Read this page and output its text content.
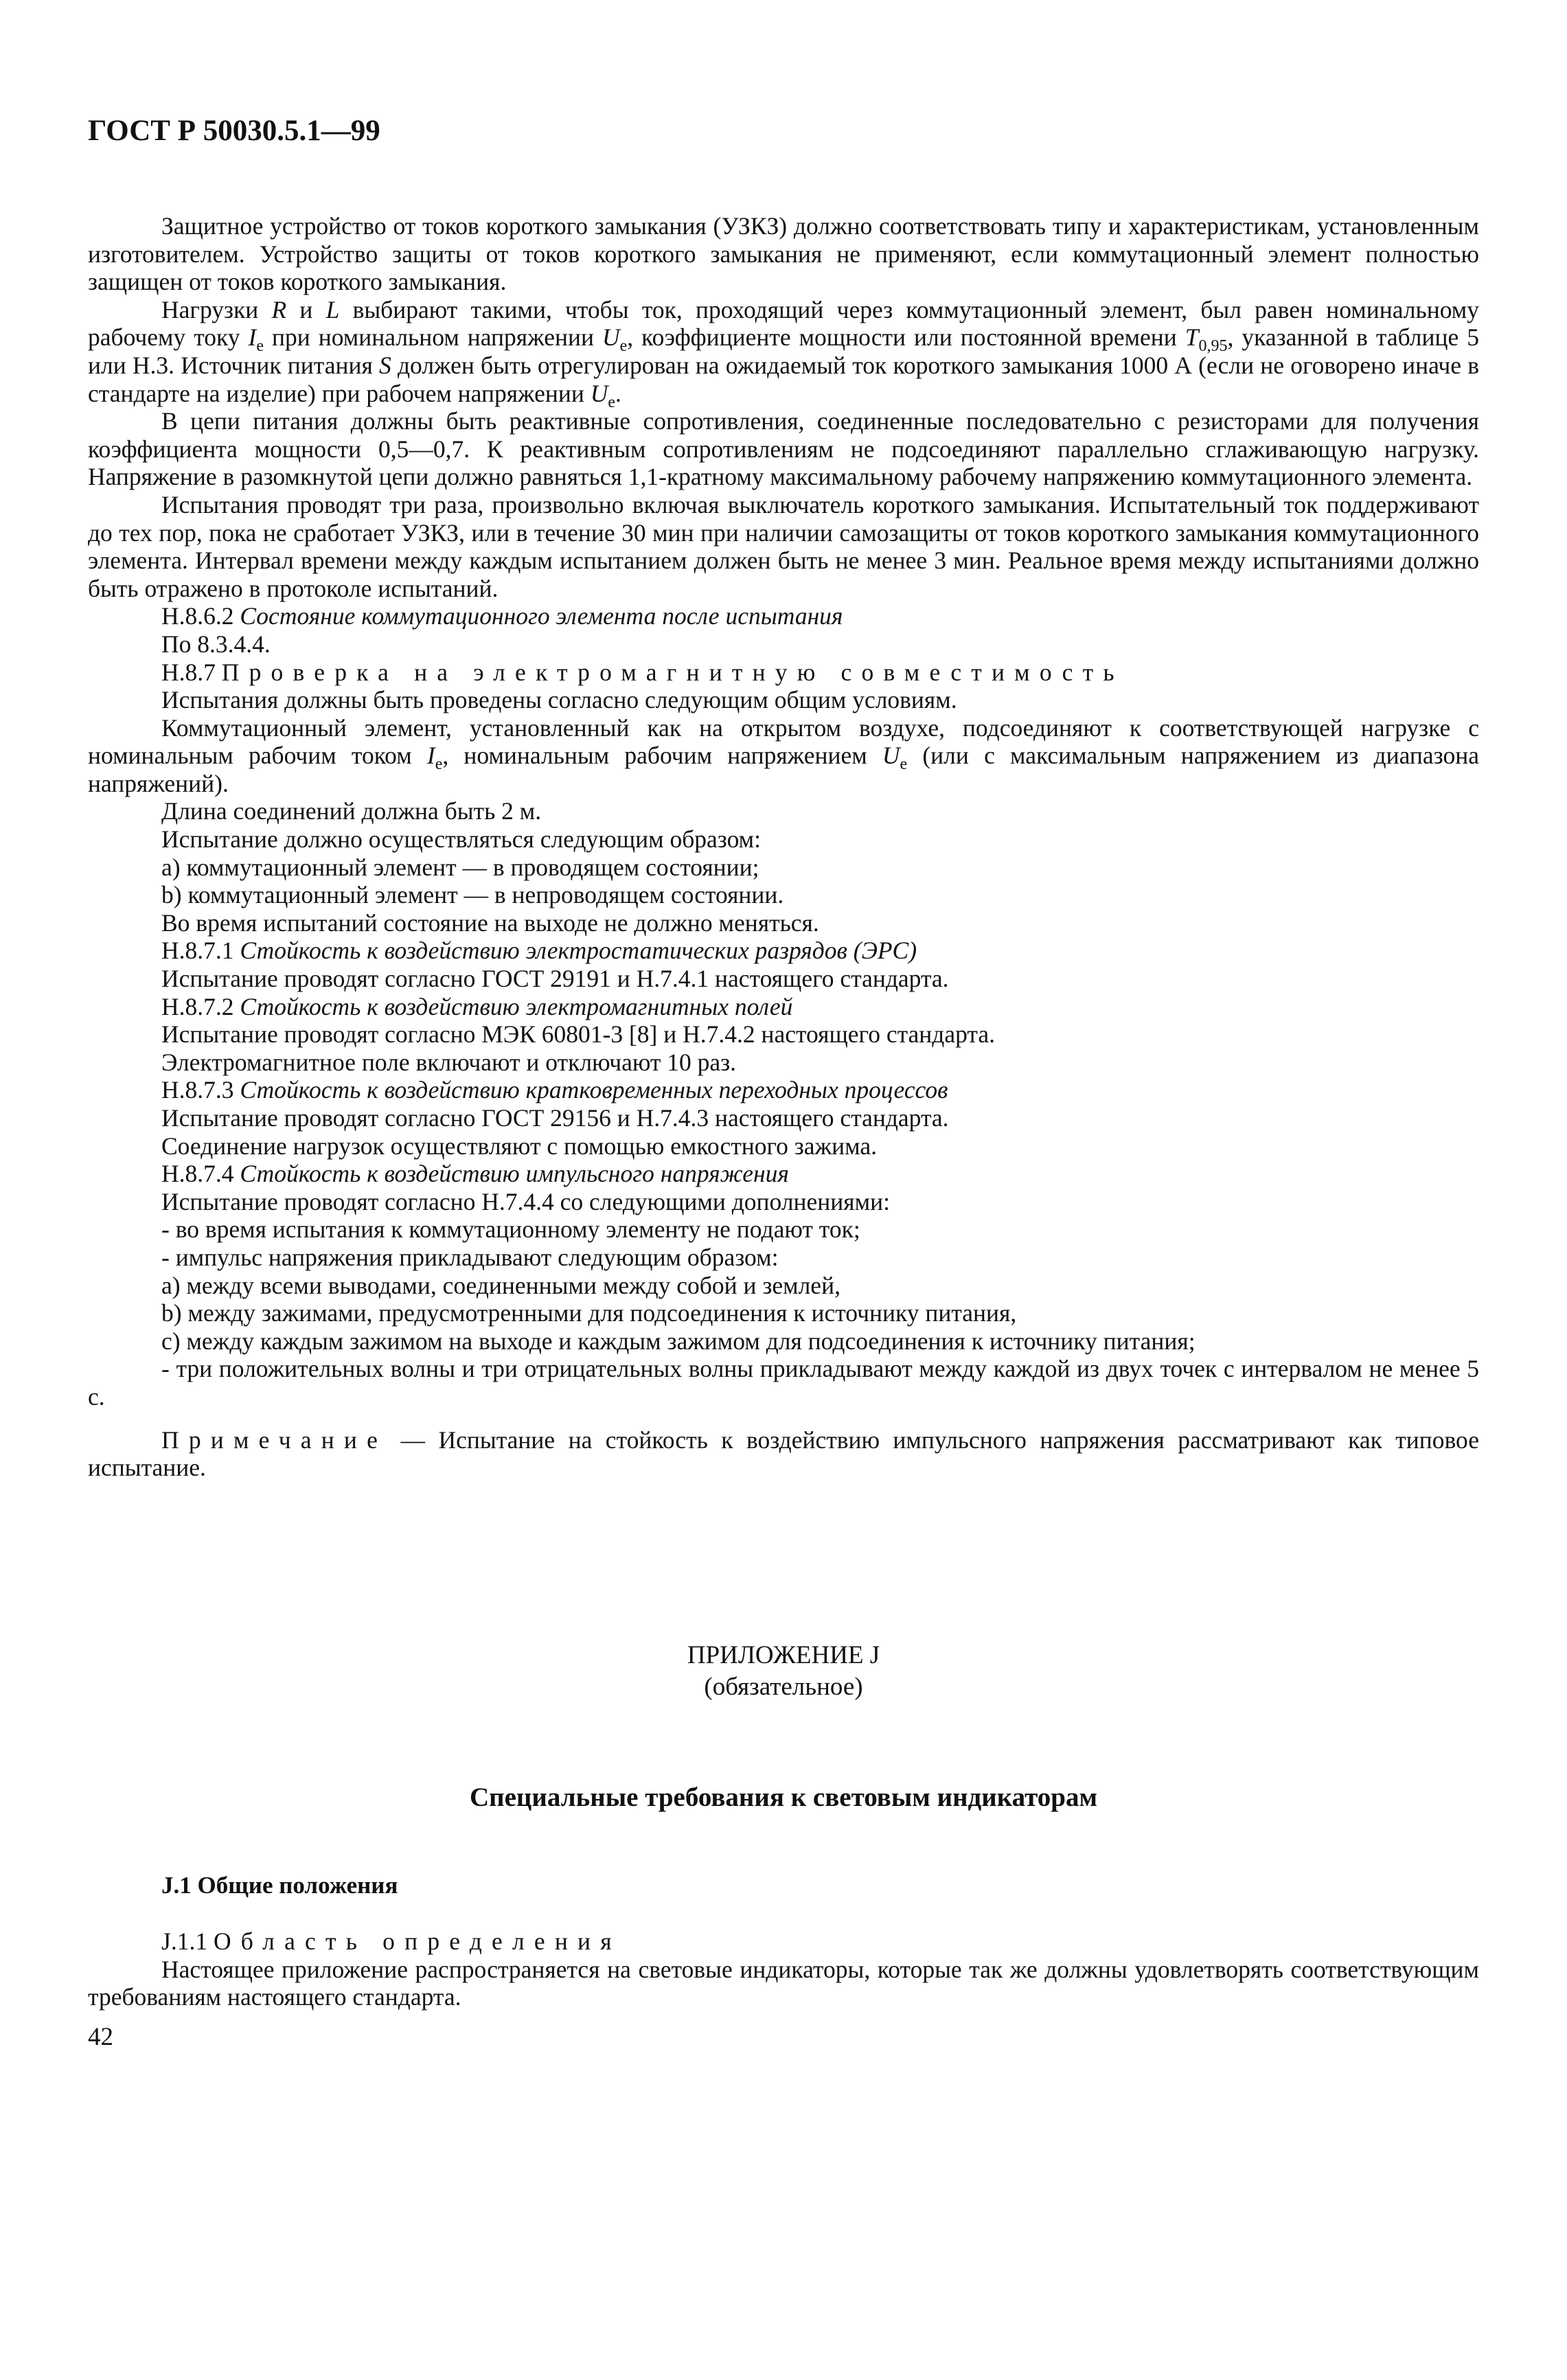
ГОСТ Р 50030.5.1—99

Защитное устройство от токов короткого замыкания (УЗКЗ) должно соответствовать типу и характеристикам, установленным изготовителем. Устройство защиты от токов короткого замыкания не применяют, если коммутационный элемент полностью защищен от токов короткого замыкания.

Нагрузки R и L выбирают такими, чтобы ток, проходящий через коммутационный элемент, был равен номинальному рабочему току $I_e$ при номинальном напряжении $U_e$, коэффициенте мощности или постоянной времени $T_{0,95}$, указанной в таблице 5 или Н.3. Источник питания S должен быть отрегулирован на ожидаемый ток короткого замыкания 1000 А (если не оговорено иначе в стандарте на изделие) при рабочем напряжении $U_e$.

В цепи питания должны быть реактивные сопротивления, соединенные последовательно с резисторами для получения коэффициента мощности 0,5—0,7. К реактивным сопротивлениям не подсоединяют параллельно сглаживающую нагрузку. Напряжение в разомкнутой цепи должно равняться 1,1-кратному максимальному рабочему напряжению коммутационного элемента.

Испытания проводят три раза, произвольно включая выключатель короткого замыкания. Испытательный ток поддерживают до тех пор, пока не сработает УЗКЗ, или в течение 30 мин при наличии самозащиты от токов короткого замыкания коммутационного элемента. Интервал времени между каждым испытанием должен быть не менее 3 мин. Реальное время между испытаниями должно быть отражено в протоколе испытаний.

Н.8.6.2 Состояние коммутационного элемента после испытания

По 8.3.4.4.

Н.8.7 Проверка на электромагнитную совместимость

Испытания должны быть проведены согласно следующим общим условиям.

Коммутационный элемент, установленный как на открытом воздухе, подсоединяют к соответствующей нагрузке с номинальным рабочим током $I_e$, номинальным рабочим напряжением $U_e$ (или с максимальным напряжением из диапазона напряжений).

Длина соединений должна быть 2 м.

Испытание должно осуществляться следующим образом:

a) коммутационный элемент — в проводящем состоянии;

b) коммутационный элемент — в непроводящем состоянии.

Во время испытаний состояние на выходе не должно меняться.

Н.8.7.1 Стойкость к воздействию электростатических разрядов (ЭРС)

Испытание проводят согласно ГОСТ 29191 и Н.7.4.1 настоящего стандарта.

Н.8.7.2 Стойкость к воздействию электромагнитных полей

Испытание проводят согласно МЭК 60801-3 [8] и Н.7.4.2 настоящего стандарта.

Электромагнитное поле включают и отключают 10 раз.

Н.8.7.3 Стойкость к воздействию кратковременных переходных процессов

Испытание проводят согласно ГОСТ 29156 и Н.7.4.3 настоящего стандарта.

Соединение нагрузок осуществляют с помощью емкостного зажима.

Н.8.7.4 Стойкость к воздействию импульсного напряжения

Испытание проводят согласно Н.7.4.4 со следующими дополнениями:

- во время испытания к коммутационному элементу не подают ток;

- импульс напряжения прикладывают следующим образом:

a) между всеми выводами, соединенными между собой и землей,

b) между зажимами, предусмотренными для подсоединения к источнику питания,

c) между каждым зажимом на выходе и каждым зажимом для подсоединения к источнику питания;

- три положительных волны и три отрицательных волны прикладывают между каждой из двух точек с интервалом не менее 5 с.

Примечание — Испытание на стойкость к воздействию импульсного напряжения рассматривают как типовое испытание.

ПРИЛОЖЕНИЕ J
(обязательное)
Специальные требования к световым индикаторам
J.1 Общие положения

J.1.1 Область определения

Настоящее приложение распространяется на световые индикаторы, которые так же должны удовлетворять соответствующим требованиям настоящего стандарта.

42
